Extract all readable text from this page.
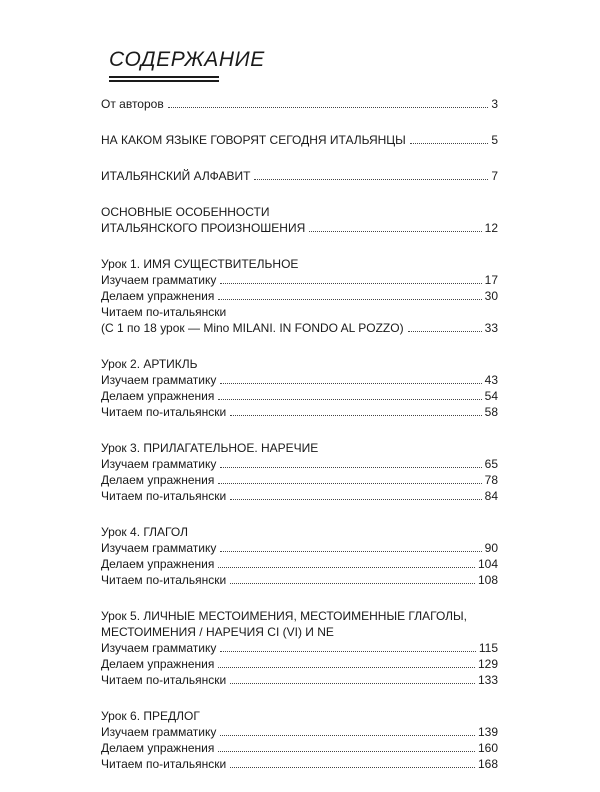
СОДЕРЖАНИЕ
От авторов	3
НА КАКОМ ЯЗЫКЕ ГОВОРЯТ СЕГОДНЯ ИТАЛЬЯНЦЫ	5
ИТАЛЬЯНСКИЙ АЛФАВИТ	7
ОСНОВНЫЕ ОСОБЕННОСТИ
ИТАЛЬЯНСКОГО ПРОИЗНОШЕНИЯ	12
Урок 1. ИМЯ СУЩЕСТВИТЕЛЬНОЕ
Изучаем грамматику	17
Делаем упражнения	30
Читаем по-итальянски
(С 1 по 18 урок — Mino MILANI. IN FONDO AL POZZO)	33
Урок 2. АРТИКЛЬ
Изучаем грамматику	43
Делаем упражнения	54
Читаем по-итальянски	58
Урок 3. ПРИЛАГАТЕЛЬНОЕ. НАРЕЧИЕ
Изучаем грамматику	65
Делаем упражнения	78
Читаем по-итальянски	84
Урок 4. ГЛАГОЛ
Изучаем грамматику	90
Делаем упражнения	104
Читаем по-итальянски	108
Урок 5. ЛИЧНЫЕ МЕСТОИМЕНИЯ, МЕСТОИМЕННЫЕ ГЛАГОЛЫ,
МЕСТОИМЕНИЯ / НАРЕЧИЯ CI (VI) И NE
Изучаем грамматику	115
Делаем упражнения	129
Читаем по-итальянски	133
Урок 6. ПРЕДЛОГ
Изучаем грамматику	139
Делаем упражнения	160
Читаем по-итальянски	168
